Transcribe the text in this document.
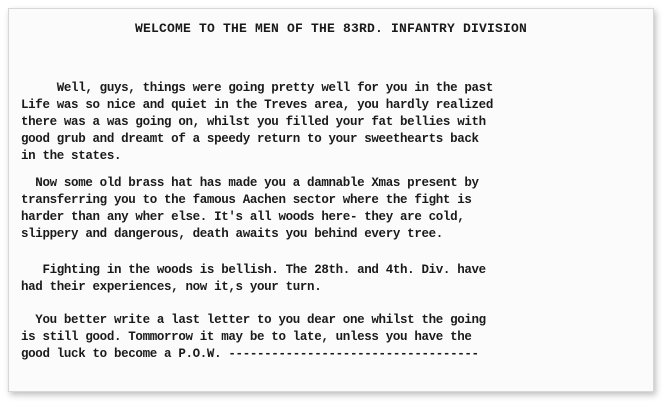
WELCOME TO THE MEN OF THE 83RD. INFANTRY DIVISION
Well, guys, things were going pretty well for you in the past
Life was so nice and quiet in the Treves area, you hardly realized
there was a was going on, whilst you filled your fat bellies with
good grub and dreamt of a speedy return to your sweethearts back
in the states.
Now some old brass hat has made you a damnable Xmas present by
transferring you to the famous Aachen sector where the fight is
harder than any wher else. It's all woods here- they are cold,
slippery and dangerous, death awaits you behind every tree.
Fighting in the woods is bellish. The 28th. and 4th. Div. have
had their experiences, now it,s your turn.
You better write a last letter to you dear one whilst the going
is still good. Tommorrow it may be to late, unless you have the
good luck to become a P.O.W. -----------------------------------
